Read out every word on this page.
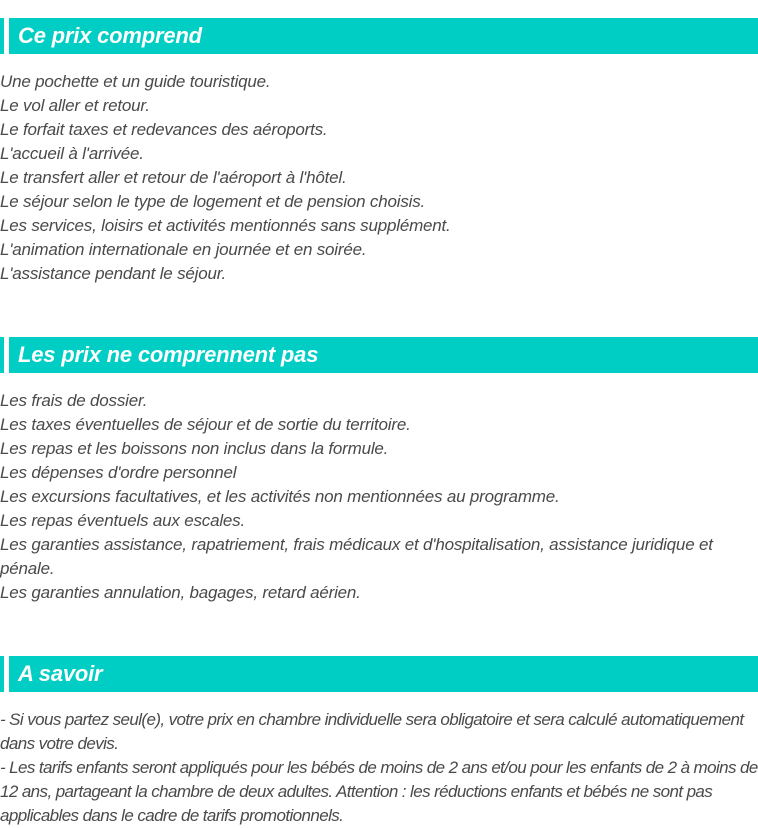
Ce prix comprend

Une pochette et un guide touristique.

Le vol aller et retour.

Le forfait taxes et redevances des aéroports.

L'accueil à l'arrivée.

Le transfert aller et retour de l'aéroport à l'hôtel.

Le séjour selon le type de logement et de pension choisis.

Les services, loisirs et activités mentionnés sans supplément.

L'animation internationale en journée et en soirée.

L'assistance pendant le séjour.

Les prix ne comprennent pas

Les frais de dossier.

Les taxes éventuelles de séjour et de sortie du territoire.

Les repas et les boissons non inclus dans la formule.

Les dépenses d'ordre personnel

Les excursions facultatives, et les activités non mentionnées au programme.

Les repas éventuels aux escales.

Les garanties assistance, rapatriement, frais médicaux et d'hospitalisation, assistance juridique et pénale.

Les garanties annulation, bagages, retard aérien.

A savoir

- Si vous partez seul(e), votre prix en chambre individuelle sera obligatoire et sera calculé automatiquement dans votre devis.

- Les tarifs enfants seront appliqués pour les bébés de moins de 2 ans et/ou pour les enfants de 2 à moins de 12 ans, partageant la chambre de deux adultes. Attention : les réductions enfants et bébés ne sont pas applicables dans le cadre de tarifs promotionnels.
